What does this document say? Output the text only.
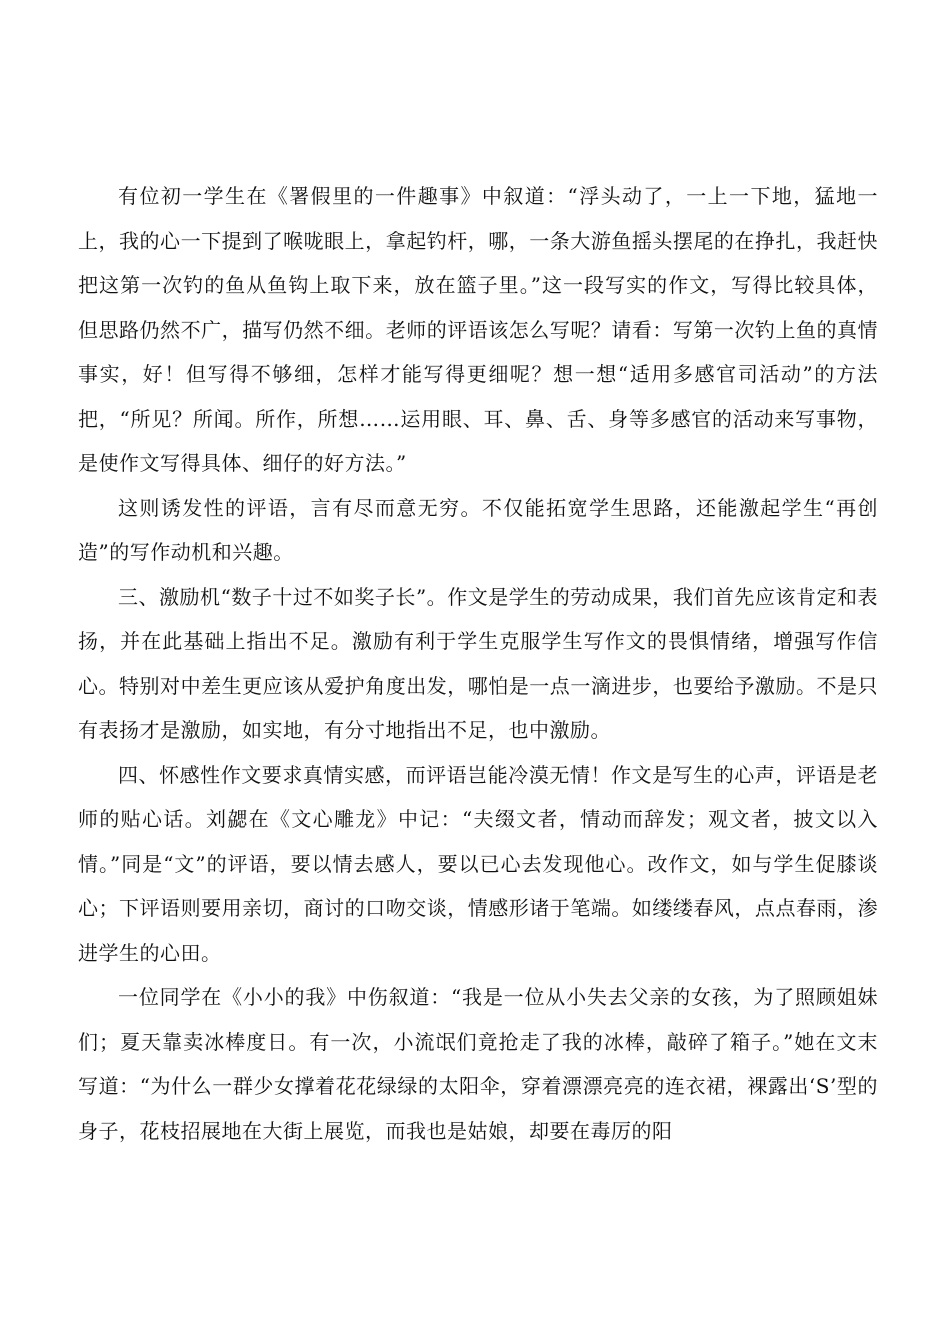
有位初一学生在《署假里的一件趣事》中叙道：“浮头动了，一上一下地，猛地一上，我的心一下提到了喉咙眼上，拿起钓杆，哪，一条大游鱼摇头摆尾的在挣扎，我赶快把这第一次钓的鱼从鱼钩上取下来，放在篮子里。”这一段写实的作文，写得比较具体，但思路仍然不广，描写仍然不细。老师的评语该怎么写呢？请看：写第一次钓上鱼的真情事实，好！但写得不够细，怎样才能写得更细呢？想一想“适用多感官司活动”的方法把，“所见？所闻。所作，所想……运用眼、耳、鼻、舌、身等多感官的活动来写事物，是使作文写得具体、细仔的好方法。”

这则诱发性的评语，言有尽而意无穷。不仅能拓宽学生思路，还能激起学生“再创造”的写作动机和兴趣。

三、激励机“数子十过不如奖子长”。作文是学生的劳动成果，我们首先应该肯定和表扬，并在此基础上指出不足。激励有利于学生克服学生写作文的畏惧情绪，增强写作信心。特别对中差生更应该从爱护角度出发，哪怕是一点一滴进步，也要给予激励。不是只有表扬才是激励，如实地，有分寸地指出不足，也中激励。

四、怀感性作文要求真情实感，而评语岂能冷漠无情！作文是写生的心声，评语是老师的贴心话。刘勰在《文心雕龙》中记：“夫缀文者，情动而辞发；观文者，披文以入情。”同是“文”的评语，要以情去感人，要以已心去发现他心。改作文，如与学生促膝谈心；下评语则要用亲切，商讨的口吻交谈，情感形诸于笔端。如缕缕春风，点点春雨，渗进学生的心田。

一位同学在《小小的我》中伤叙道：“我是一位从小失去父亲的女孩，为了照顾姐妹们；夏天靠卖冰棒度日。有一次，小流氓们竟抢走了我的冰棒，敲碎了箱子。”她在文末写道：“为什么一群少女撑着花花绿绿的太阳伞，穿着漂漂亮亮的连衣裙，裸露出‘S’型的身子，花枝招展地在大街上展览，而我也是姑娘，却要在毒厉的阳
